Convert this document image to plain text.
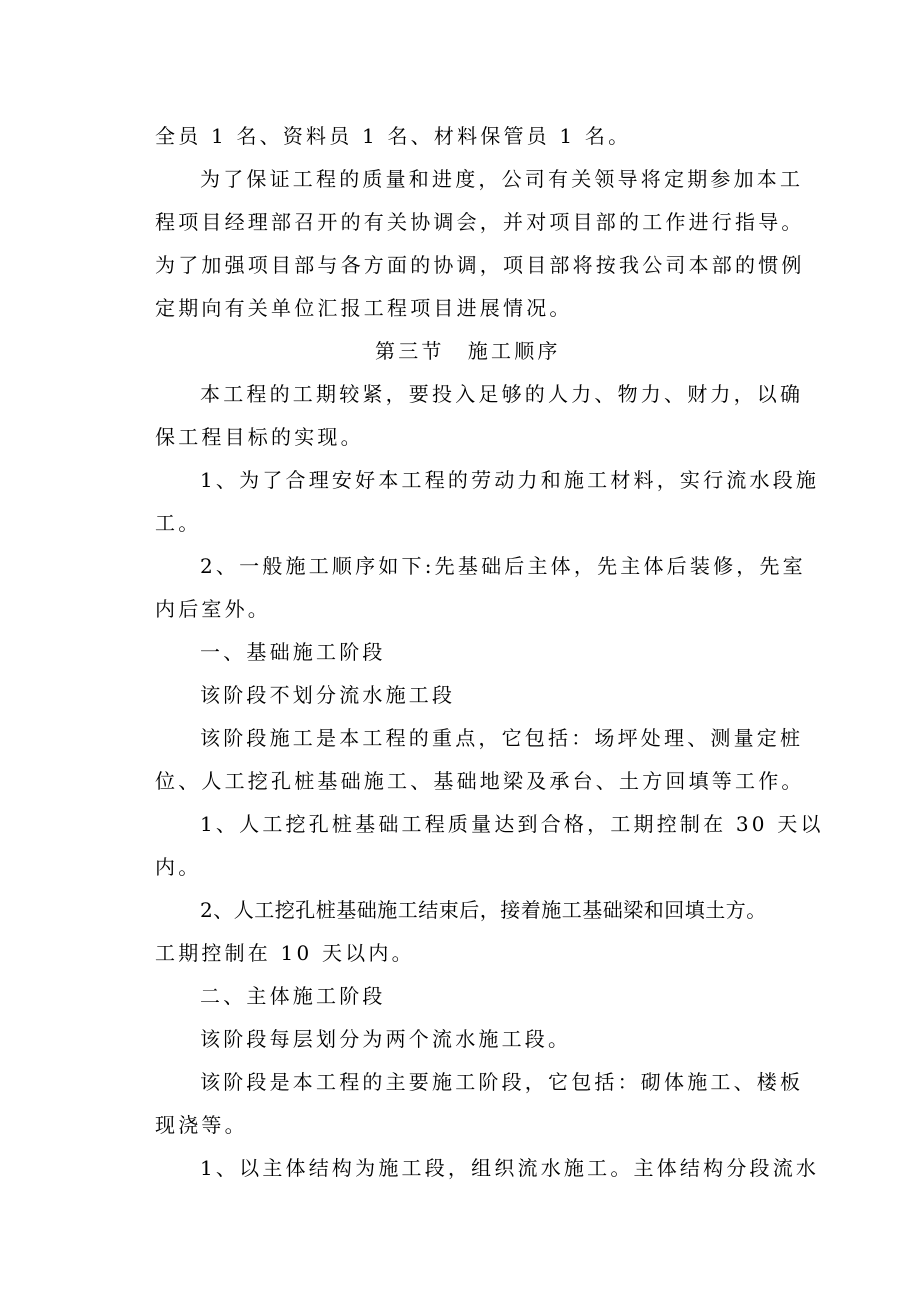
全员 1 名、资料员 1 名、材料保管员 1 名。
为了保证工程的质量和进度，公司有关领导将定期参加本工
程项目经理部召开的有关协调会，并对项目部的工作进行指导。
为了加强项目部与各方面的协调，项目部将按我公司本部的惯例
定期向有关单位汇报工程项目进展情况。
第三节　施工顺序
本工程的工期较紧，要投入足够的人力、物力、财力，以确
保工程目标的实现。
1、为了合理安好本工程的劳动力和施工材料，实行流水段施
工。
2、一般施工顺序如下:先基础后主体，先主体后装修，先室
内后室外。
一、基础施工阶段
该阶段不划分流水施工段
该阶段施工是本工程的重点，它包括：场坪处理、测量定桩
位、人工挖孔桩基础施工、基础地梁及承台、土方回填等工作。
1、人工挖孔桩基础工程质量达到合格，工期控制在 30 天以
内。
2、人工挖孔桩基础施工结束后，接着施工基础梁和回填土方。
工期控制在 10 天以内。
二、主体施工阶段
该阶段每层划分为两个流水施工段。
该阶段是本工程的主要施工阶段，它包括：砌体施工、楼板
现浇等。
1、以主体结构为施工段，组织流水施工。主体结构分段流水
